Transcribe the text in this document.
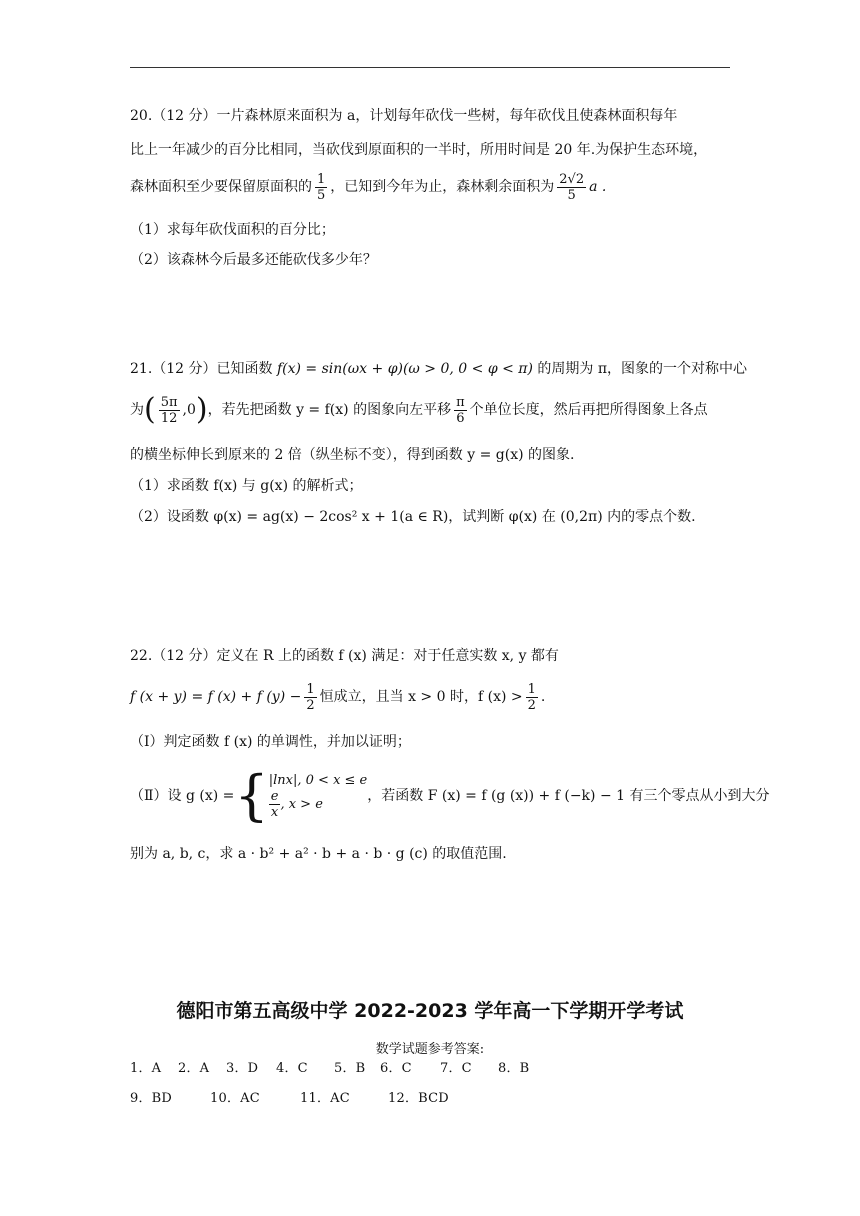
20.（12 分）一片森林原来面积为 a，计划每年砍伐一些树，每年砍伐且使森林面积每年
比上一年减少的百分比相同，当砍伐到原面积的一半时，所用时间是 20 年.为保护生态环境，
森林面积至少要保留原面积的 $\frac{1}{5}$ ，已知到今年为止，森林剩余面积为 $\frac{2√2}{5}$ a .
（1）求每年砍伐面积的百分比；
（2）该森林今后最多还能砍伐多少年？
21.（12 分）已知函数 f(x) = sin(ωx + φ)(ω > 0, 0 < φ < π) 的周期为 π，图象的一个对称中心
为 ( $\frac{5\pi}{12} ,0$ ) ，若先把函数 y = f(x) 的图象向左平移 $\frac{\pi}{6}$ 个单位长度，然后再把所得图象上各点
的横坐标伸长到原来的 2 倍（纵坐标不变），得到函数 y = g(x) 的图象.
（1）求函数 f(x) 与 g(x) 的解析式；
（2）设函数 φ(x) = ag(x) − 2cos² x + 1(a ∈ R)，试判断 φ(x) 在 (0,2π) 内的零点个数.
22.（12 分）定义在 R 上的函数 f (x) 满足：对于任意实数 x, y 都有
f (x + y) = f (x) + f $(y) - \frac{1}{2}$ 恒成立，且当 x > 0 时，f $(x) > \frac{1}{2}$ .
（Ⅰ）判定函数 f (x) 的单调性，并加以证明；
（Ⅱ）设 g (x) = { |lnx|, 0 < x ≤ e
$\frac{e}{x}$ , x > e
，若函数 F (x) = f (g (x)) + f (−k) − 1 有三个零点从小到大分
别为 a, b, c，求 a · b² + a² · b + a · b · g (c) 的取值范围.
德阳市第五高级中学 2022-2023 学年高一下学期开学考试
数学试题参考答案:
1．A 2．A 3．D 4．C 5．B 6．C 7．C 8．B
9．BD	10．AC	11．AC	12．BCD
